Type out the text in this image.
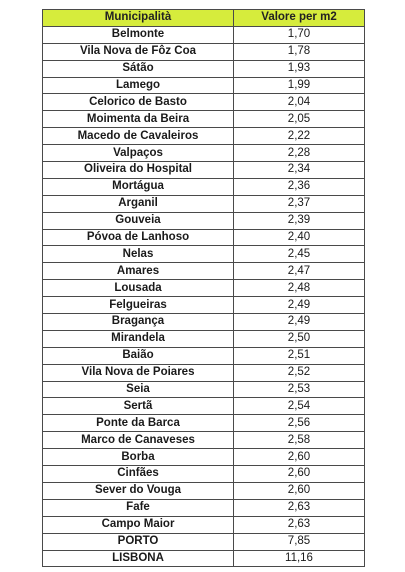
Municipalità	Valore per m2
Belmonte	1,70
Vila Nova de Fôz Coa	1,78
Sátão	1,93
Lamego	1,99
Celorico de Basto	2,04
Moimenta da Beira	2,05
Macedo de Cavaleiros	2,22
Valpaços	2,28
Oliveira do Hospital	2,34
Mortágua	2,36
Arganil	2,37
Gouveia	2,39
Póvoa de Lanhoso	2,40
Nelas	2,45
Amares	2,47
Lousada	2,48
Felgueiras	2,49
Bragança	2,49
Mirandela	2,50
Baião	2,51
Vila Nova de Poiares	2,52
Seia	2,53
Sertã	2,54
Ponte da Barca	2,56
Marco de Canaveses	2,58
Borba	2,60
Cinfães	2,60
Sever do Vouga	2,60
Fafe	2,63
Campo Maior	2,63
PORTO	7,85
LISBONA	11,16
